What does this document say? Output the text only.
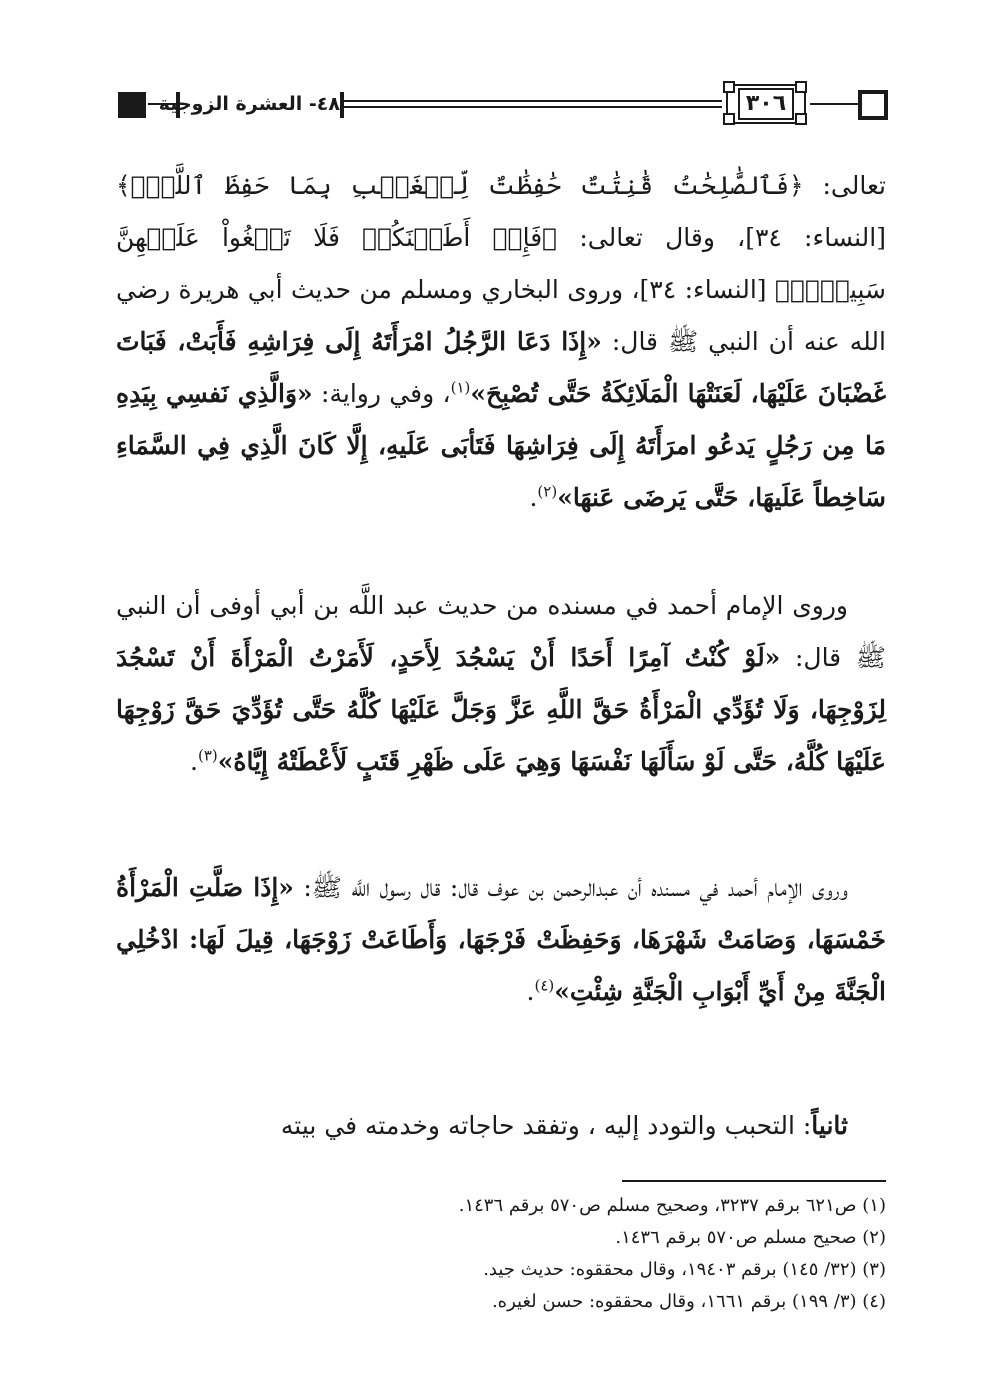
٤٨- العشرة الزوجية	٣٠٦
تعالى: ﴿فَٱلصَّٰلِحَٰتُ قَٰنِتَٰتٌ حَٰفِظَٰتٌ لِّلۡغَيۡبِ بِمَا حَفِظَ ٱللَّهُۚ﴾ [النساء: ٣٤]، وقال تعالى: ﴿فَإِنۡ أَطَعۡنَكُمۡ فَلَا تَبۡغُواْ عَلَيۡهِنَّ سَبِيلًاۗ﴾ [النساء: ٣٤]، وروى البخاري ومسلم من حديث أبي هريرة رضي الله عنه أن النبي ﷺ قال: «إِذَا دَعَا الرَّجُلُ امْرَأَتَهُ إِلَى فِرَاشِهِ فَأَبَتْ، فَبَاتَ غَضْبَانَ عَلَيْهَا، لَعَنَتْهَا الْمَلَائِكَةُ حَتَّى تُصْبِحَ»$^{(١)}$، وفي رواية: «وَالَّذِي نَفسِي بِيَدِهِ مَا مِن رَجُلٍ يَدعُو امرَأَتَهُ إِلَى فِرَاشِهَا فَتَأبَى عَلَيهِ، إِلَّا كَانَ الَّذِي فِي السَّمَاءِ سَاخِطاً عَلَيهَا، حَتَّى يَرضَى عَنهَا»$^{(٢)}$.
وروى الإمام أحمد في مسنده من حديث عبد اللَّه بن أبي أوفى أن النبي ﷺ قال: «لَوْ كُنْتُ آمِرًا أَحَدًا أَنْ يَسْجُدَ لِأَحَدٍ، لَأَمَرْتُ الْمَرْأَةَ أَنْ تَسْجُدَ لِزَوْجِهَا، وَلَا تُؤَدِّي الْمَرْأَةُ حَقَّ اللَّهِ عَزَّ وَجَلَّ عَلَيْهَا كُلَّهُ حَتَّى تُؤَدِّيَ حَقَّ زَوْجِهَا عَلَيْهَا كُلَّهُ، حَتَّى لَوْ سَأَلَهَا نَفْسَهَا وَهِيَ عَلَى ظَهْرِ قَتَبٍ لَأَعْطَتْهُ إِيَّاهُ»$^{(٣)}$.
وروى الإمام أحمد في مسنده أن عبدالرحمن بن عوف قال: قال رسول اللَّه ﷺ: «إِذَا صَلَّتِ الْمَرْأَةُ خَمْسَهَا، وَصَامَتْ شَهْرَهَا، وَحَفِظَتْ فَرْجَهَا، وَأَطَاعَتْ زَوْجَهَا، قِيلَ لَهَا: ادْخُلِي الْجَنَّةَ مِنْ أَيِّ أَبْوَابِ الْجَنَّةِ شِئْتِ»$^{(٤)}$.
ثانياً: التحبب والتودد إليه ، وتفقد حاجاته وخدمته في بيته
(١) ص٦٢١ برقم ٣٢٣٧، وصحيح مسلم ص٥٧٠ برقم ١٤٣٦.
(٢) صحيح مسلم ص٥٧٠ برقم ١٤٣٦.
(٣) (٣٢/ ١٤٥) برقم ١٩٤٠٣، وقال محققوه: حديث جيد.
(٤) (٣/ ١٩٩) برقم ١٦٦١، وقال محققوه: حسن لغيره.
